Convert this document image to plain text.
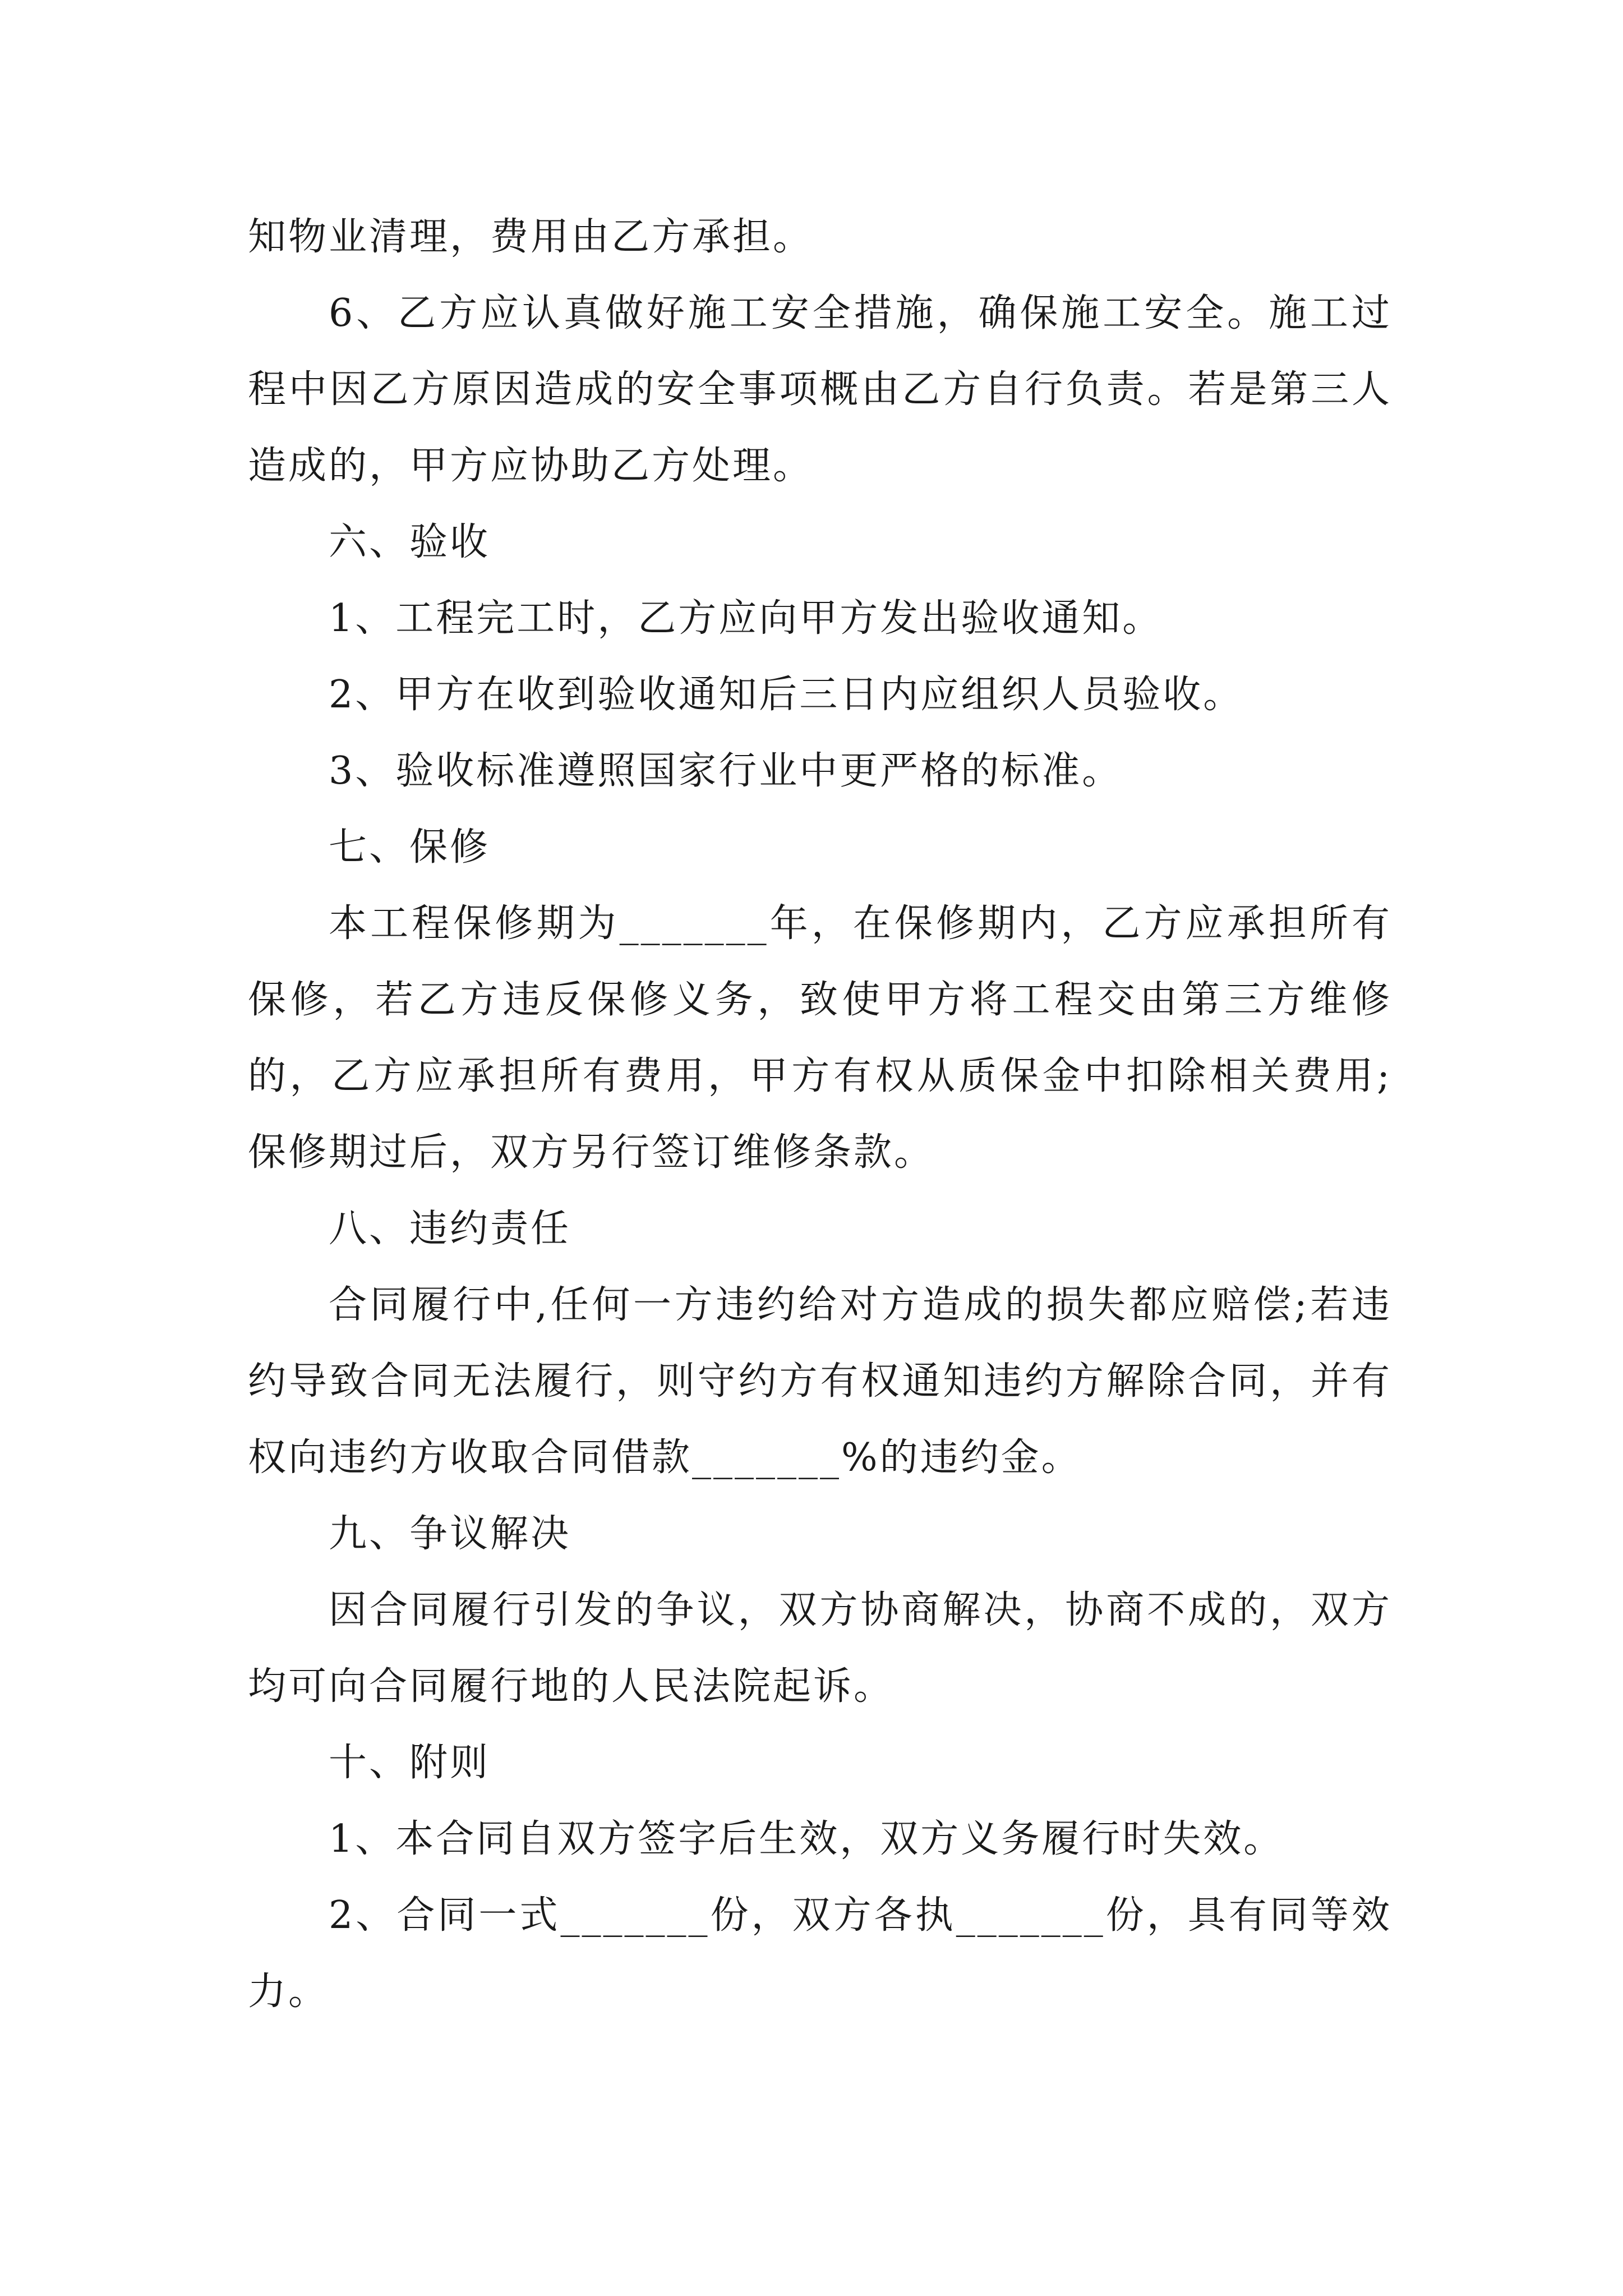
知物业清理，费用由乙方承担。

6、乙方应认真做好施工安全措施，确保施工安全。施工过程中因乙方原因造成的安全事项概由乙方自行负责。若是第三人造成的，甲方应协助乙方处理。

六、验收

1、工程完工时，乙方应向甲方发出验收通知。

2、甲方在收到验收通知后三日内应组织人员验收。

3、验收标准遵照国家行业中更严格的标准。

七、保修

本工程保修期为_______年，在保修期内，乙方应承担所有保修，若乙方违反保修义务，致使甲方将工程交由第三方维修的，乙方应承担所有费用，甲方有权从质保金中扣除相关费用;保修期过后，双方另行签订维修条款。

八、违约责任

合同履行中,任何一方违约给对方造成的损失都应赔偿;若违约导致合同无法履行，则守约方有权通知违约方解除合同，并有权向违约方收取合同借款_______%的违约金。

九、争议解决

因合同履行引发的争议，双方协商解决，协商不成的，双方均可向合同履行地的人民法院起诉。

十、附则

1、本合同自双方签字后生效，双方义务履行时失效。

2、合同一式_______份，双方各执_______份，具有同等效力。
